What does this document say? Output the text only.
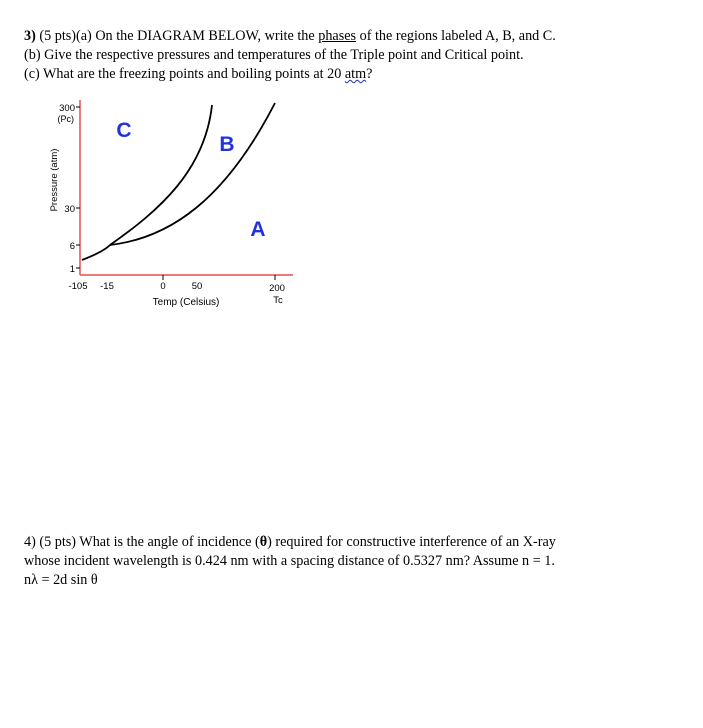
3) (5 pts)(a) On the DIAGRAM BELOW, write the phases of the regions labeled A, B, and C.
(b) Give the respective pressures and temperatures of the Triple point and Critical point.
(c) What are the freezing points and boiling points at 20 atm?
300
(Pc)
30
6
1
-105 -15	0	50	200
Tc
Pressure (atm)
Temp (Celsius)
C
B
A
4) (5 pts) What is the angle of incidence (θ) required for constructive interference of an X-ray
whose incident wavelength is 0.424 nm with a spacing distance of 0.5327 nm? Assume n = 1.
nλ = 2d sin θ
